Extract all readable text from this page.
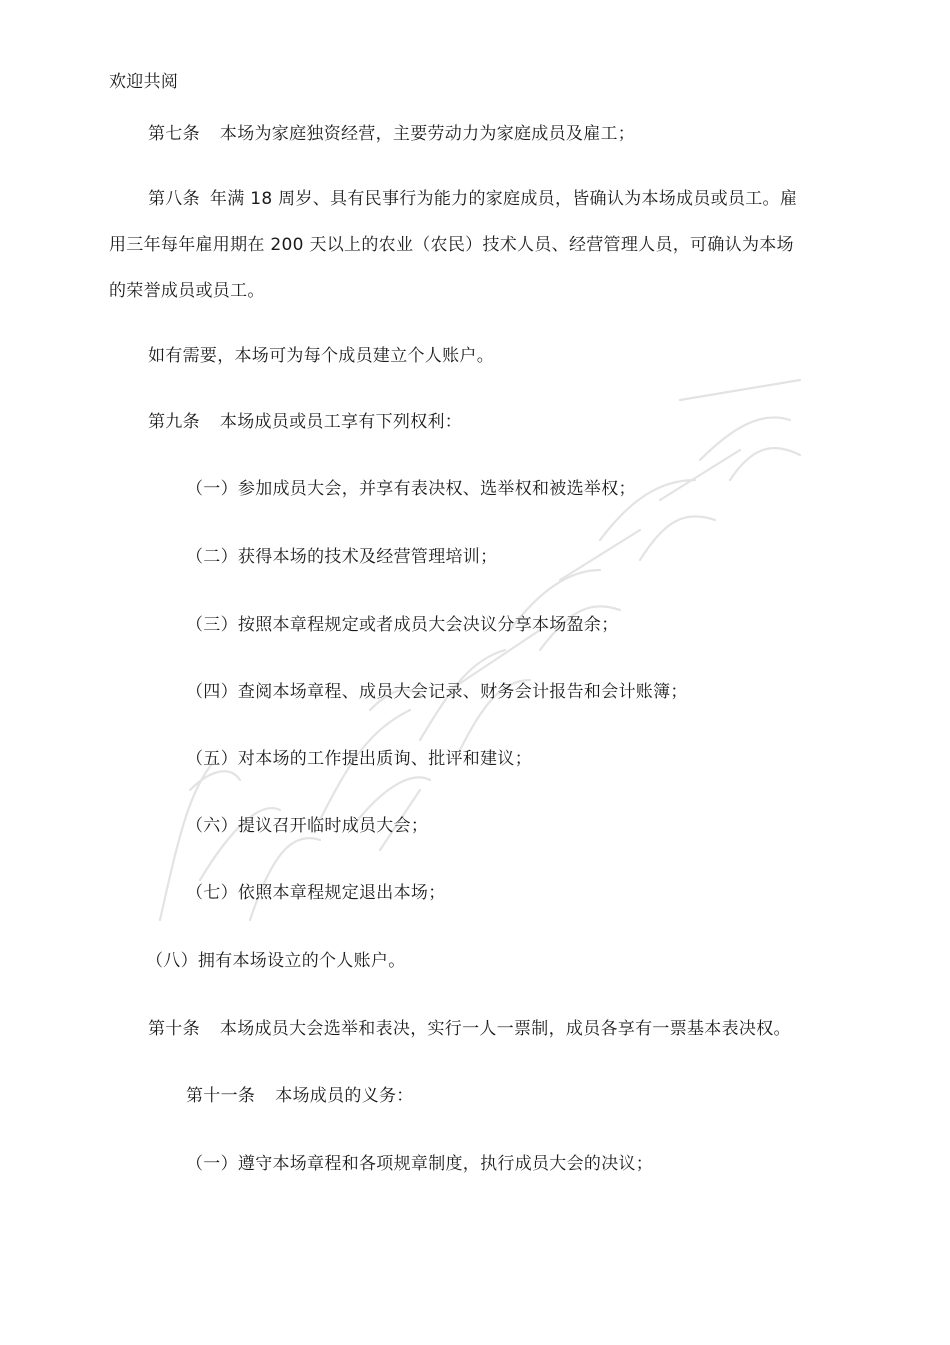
欢迎共阅
第七条 本场为家庭独资经营，主要劳动力为家庭成员及雇工；
第八条 年满 18 周岁、具有民事行为能力的家庭成员，皆确认为本场成员或员工。雇
用三年每年雇用期在 200 天以上的农业（农民）技术人员、经营管理人员，可确认为本场
的荣誉成员或员工。
如有需要，本场可为每个成员建立个人账户。
第九条 本场成员或员工享有下列权利：
（一）参加成员大会，并享有表决权、选举权和被选举权；
（二）获得本场的技术及经营管理培训；
（三）按照本章程规定或者成员大会决议分享本场盈余；
（四）查阅本场章程、成员大会记录、财务会计报告和会计账簿；
（五）对本场的工作提出质询、批评和建议；
（六）提议召开临时成员大会；
（七）依照本章程规定退出本场；
（八）拥有本场设立的个人账户。
第十条 本场成员大会选举和表决，实行一人一票制，成员各享有一票基本表决权。
第十一条 本场成员的义务：
（一）遵守本场章程和各项规章制度，执行成员大会的决议；
